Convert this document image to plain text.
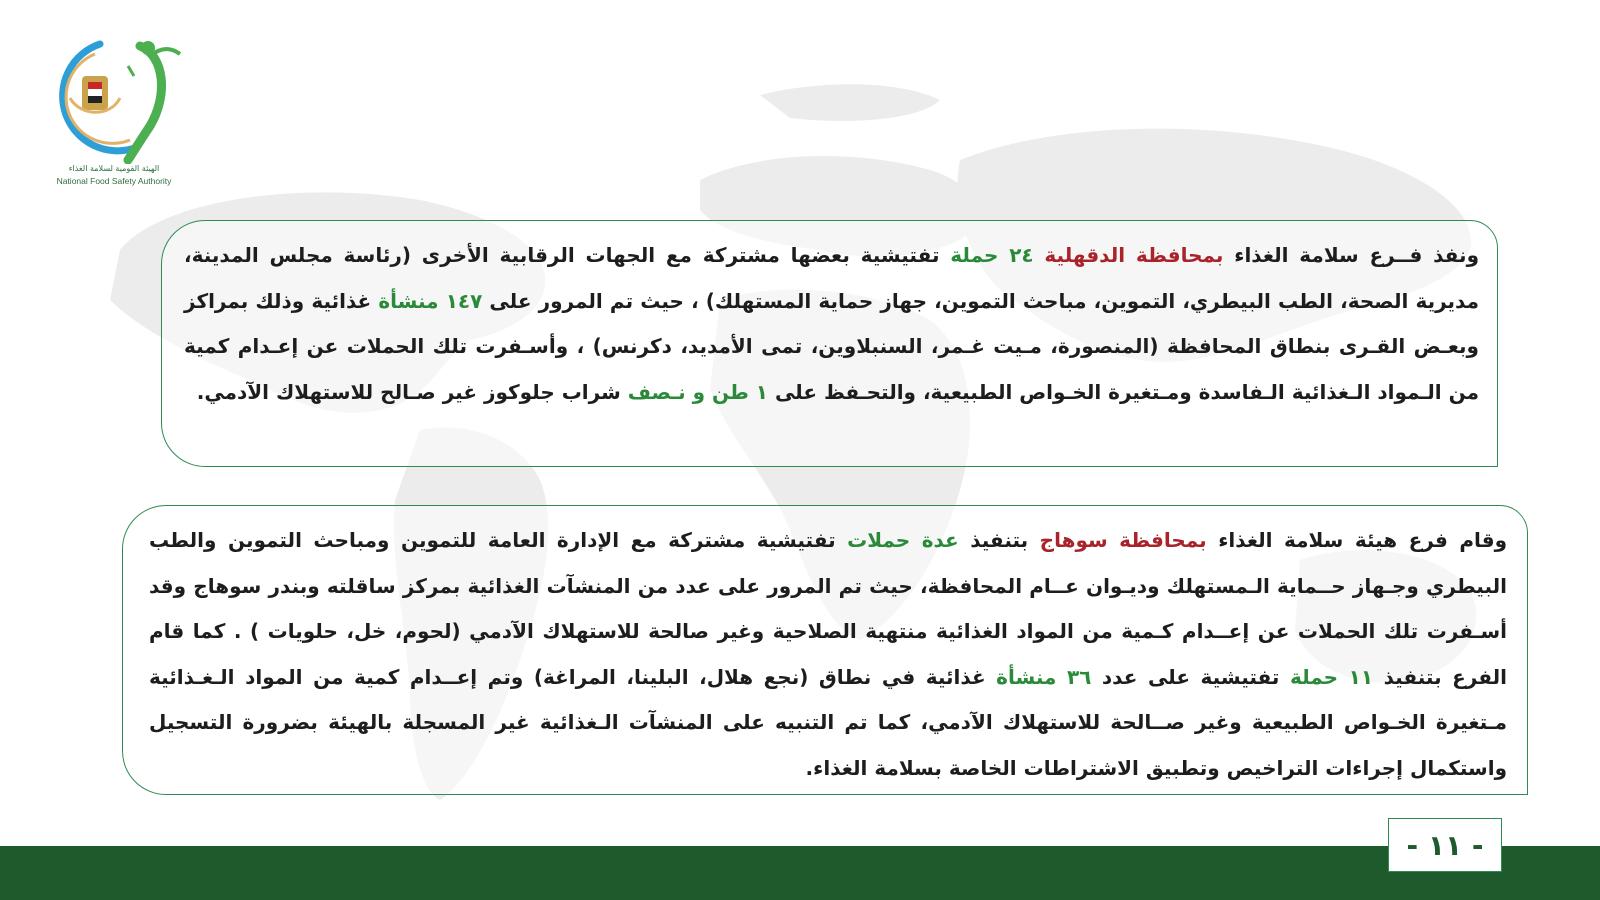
NFSA
الهيئة القومية لسلامة الغذاء
National Food Safety Authority

ونفذ فــرع سلامة الغذاء بمحافظة الدقهلية ٢٤ حملة تفتيشية بعضها مشتركة مع الجهات الرقابية الأخرى (رئاسة مجلس المدينة، مديرية الصحة، الطب البيطري، التموين، مباحث التموين، جهاز حماية المستهلك) ، حيث تم المرور على ١٤٧ منشأة غذائية وذلك بمراكز وبعـض القـرى بنطاق المحافظة (المنصورة، مـيت غـمر، السنبلاوين، تمى الأمديد، دكرنس) ، وأسـفرت تلك الحملات عن إعـدام كمية من الـمواد الـغذائية الـفاسدة ومـتغيرة الخـواص الطبيعية، والتحـفظ على ١ طن و نـصف شراب جلوكوز غير صـالح للاستهلاك الآدمي.

وقام فرع هيئة سلامة الغذاء بمحافظة سوهاج بتنفيذ عدة حملات تفتيشية مشتركة مع الإدارة العامة للتموين ومباحث التموين والطب البيطري وجـهاز حــماية الـمستهلك وديـوان عــام المحافظة، حيث تم المرور على عدد من المنشآت الغذائية بمركز ساقلته وبندر سوهاج وقد أسـفرت تلك الحملات عن إعــدام كـمية من المواد الغذائية منتهية الصلاحية وغير صالحة للاستهلاك الآدمي (لحوم، خل، حلويات ) . كما قام الفرع بتنفيذ ١١ حملة تفتيشية على عدد ٣٦ منشأة غذائية في نطاق (نجع هلال، البلينا، المراغة) وتم إعــدام كمية من المواد الـغـذائية مـتغيرة الخـواص الطبيعية وغير صــالحة للاستهلاك الآدمي، كما تم التنبيه على المنشآت الـغذائية غير المسجلة بالهيئة بضرورة التسجيل واستكمال إجراءات التراخيص وتطبيق الاشتراطات الخاصة بسلامة الغذاء.

- ١١ -
